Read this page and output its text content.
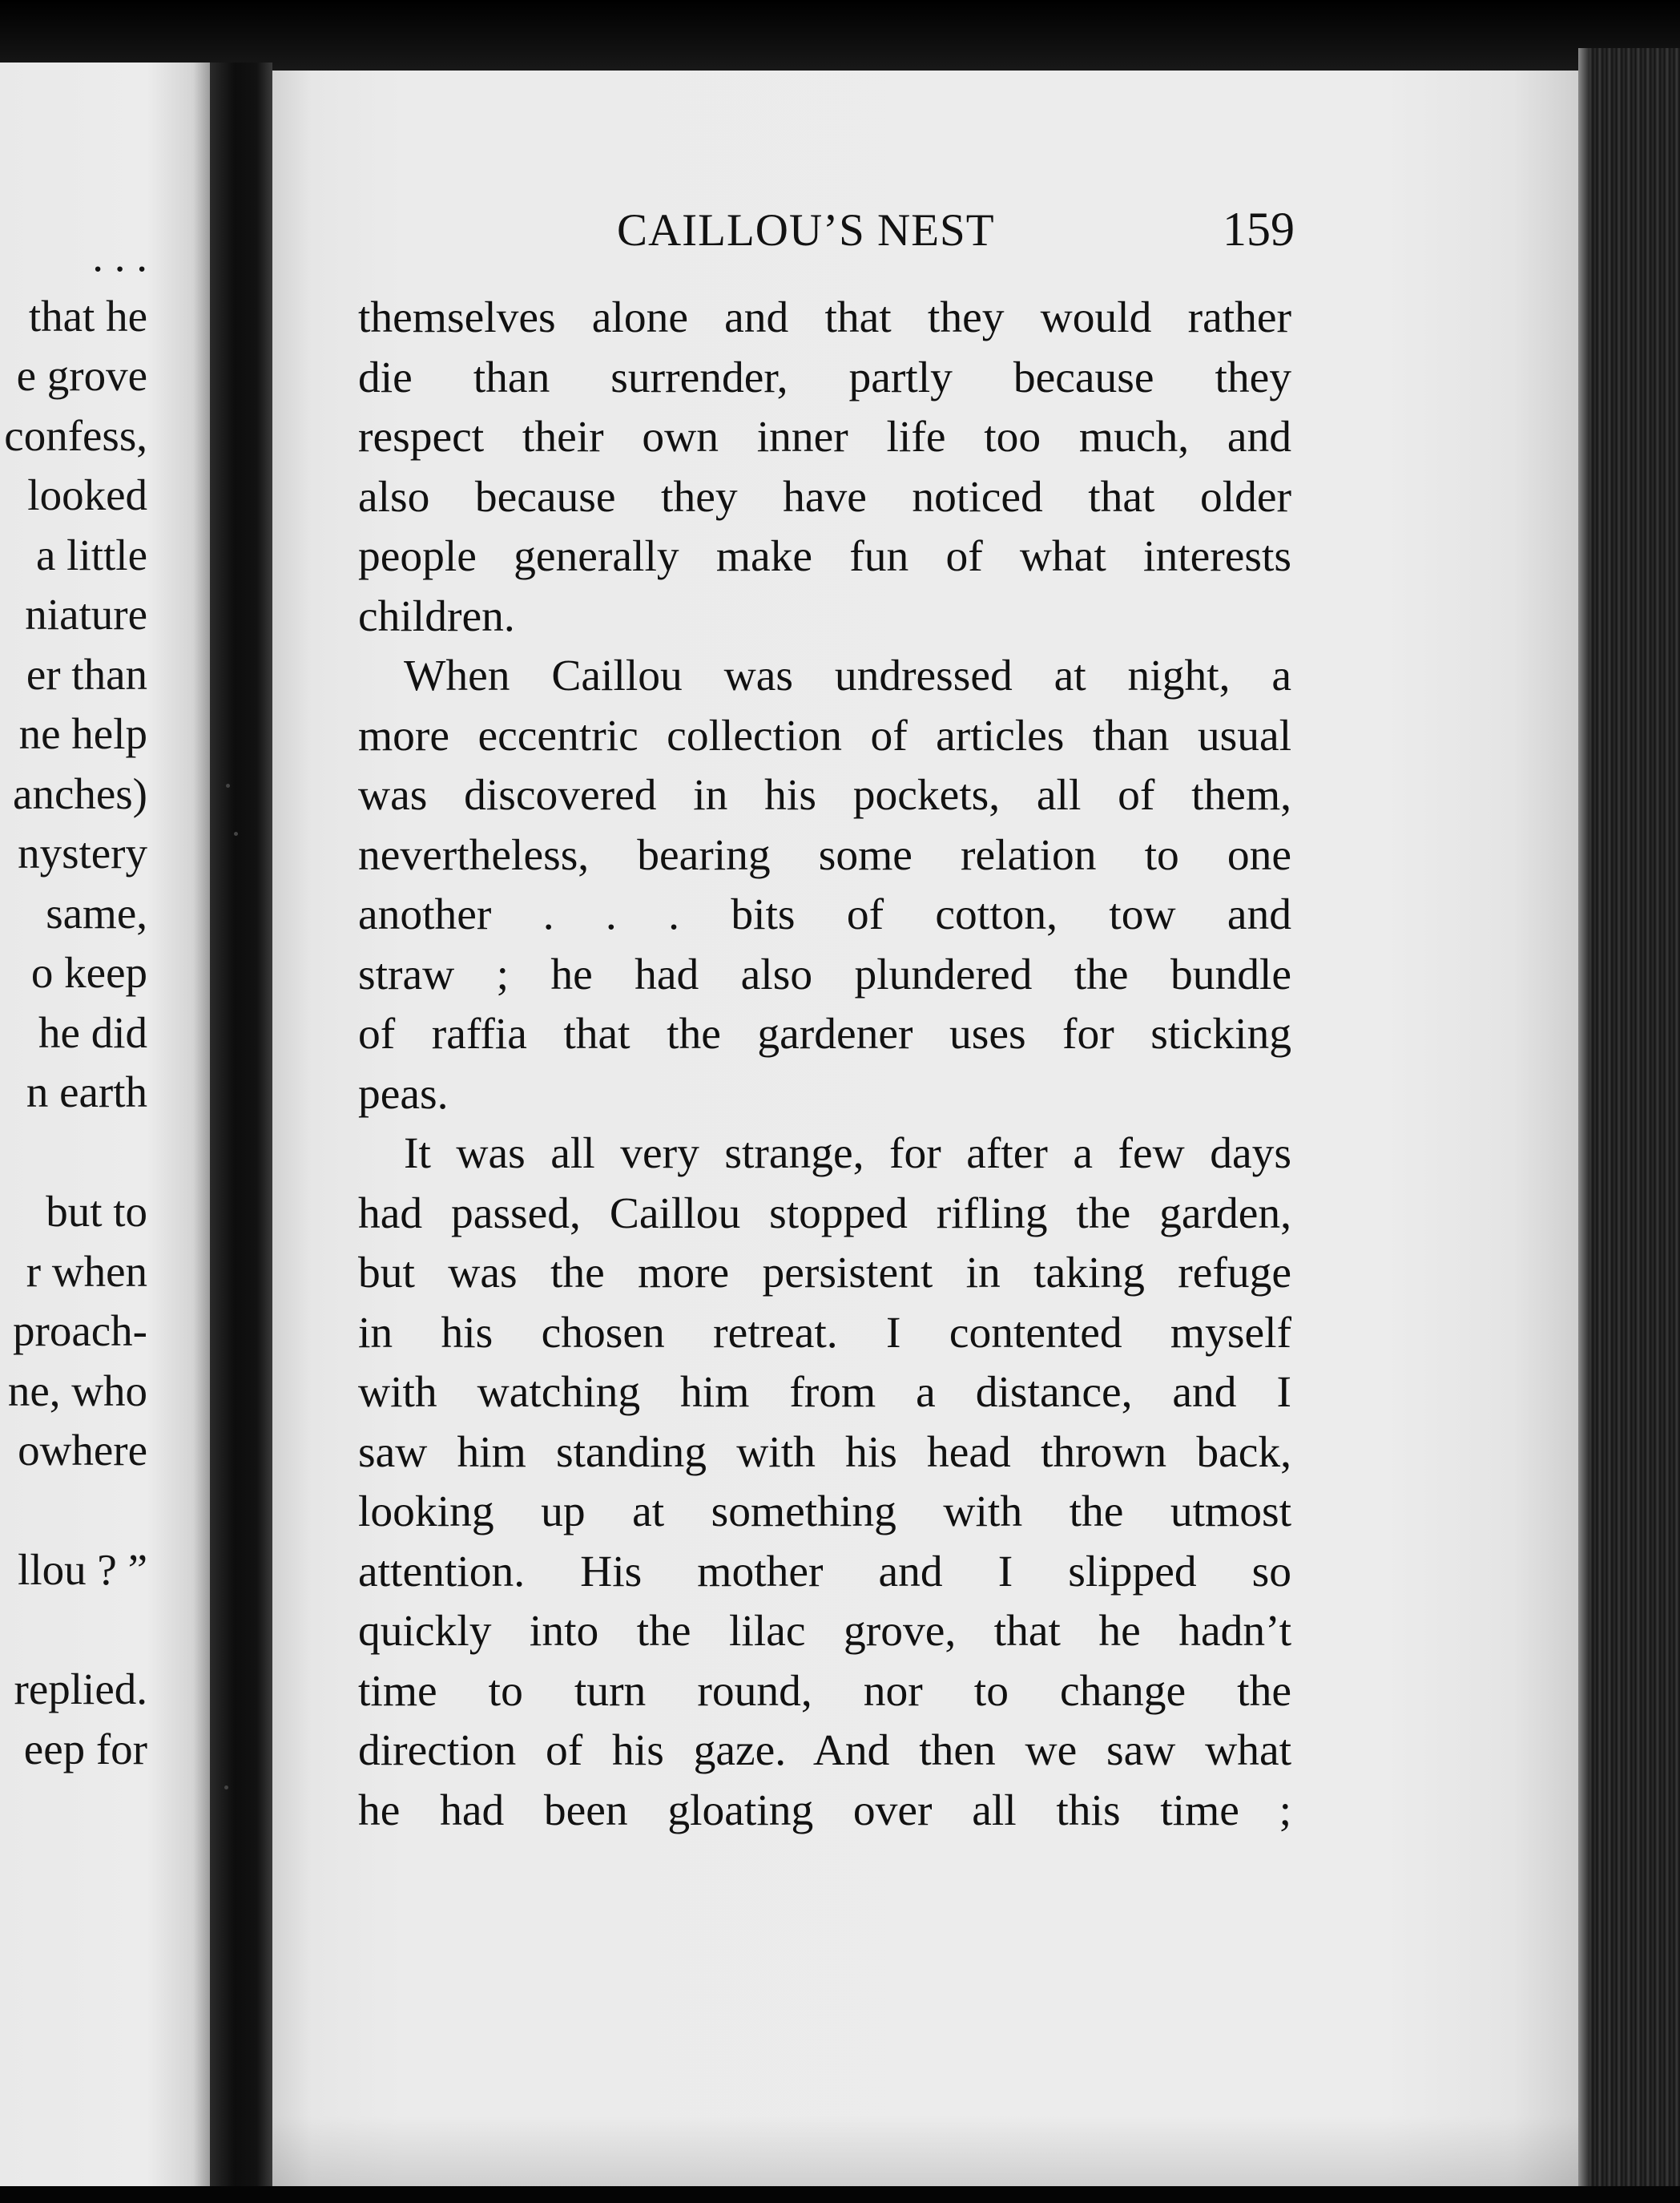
. . .
that he
e grove
confess,
looked
a little
niature
er than
ne help
anches)
nystery
same,
o keep
he did
n earth
but to
r when
proach-
ne, who
owhere
llou ? ”
replied.
eep for
CAILLOU’S NEST	159
themselves alone and that they would rather
die than surrender, partly because they
respect their own inner life too much, and
also because they have noticed that older
people generally make fun of what interests
children.
When Caillou was undressed at night, a
more eccentric collection of articles than usual
was discovered in his pockets, all of them,
nevertheless, bearing some relation to one
another . . . bits of cotton, tow and
straw ; he had also plundered the bundle
of raffia that the gardener uses for sticking
peas.
It was all very strange, for after a few days
had passed, Caillou stopped rifling the garden,
but was the more persistent in taking refuge
in his chosen retreat. I contented myself
with watching him from a distance, and I
saw him standing with his head thrown back,
looking up at something with the utmost
attention. His mother and I slipped so
quickly into the lilac grove, that he hadn’t
time to turn round, nor to change the
direction of his gaze. And then we saw what
he had been gloating over all this time ;
